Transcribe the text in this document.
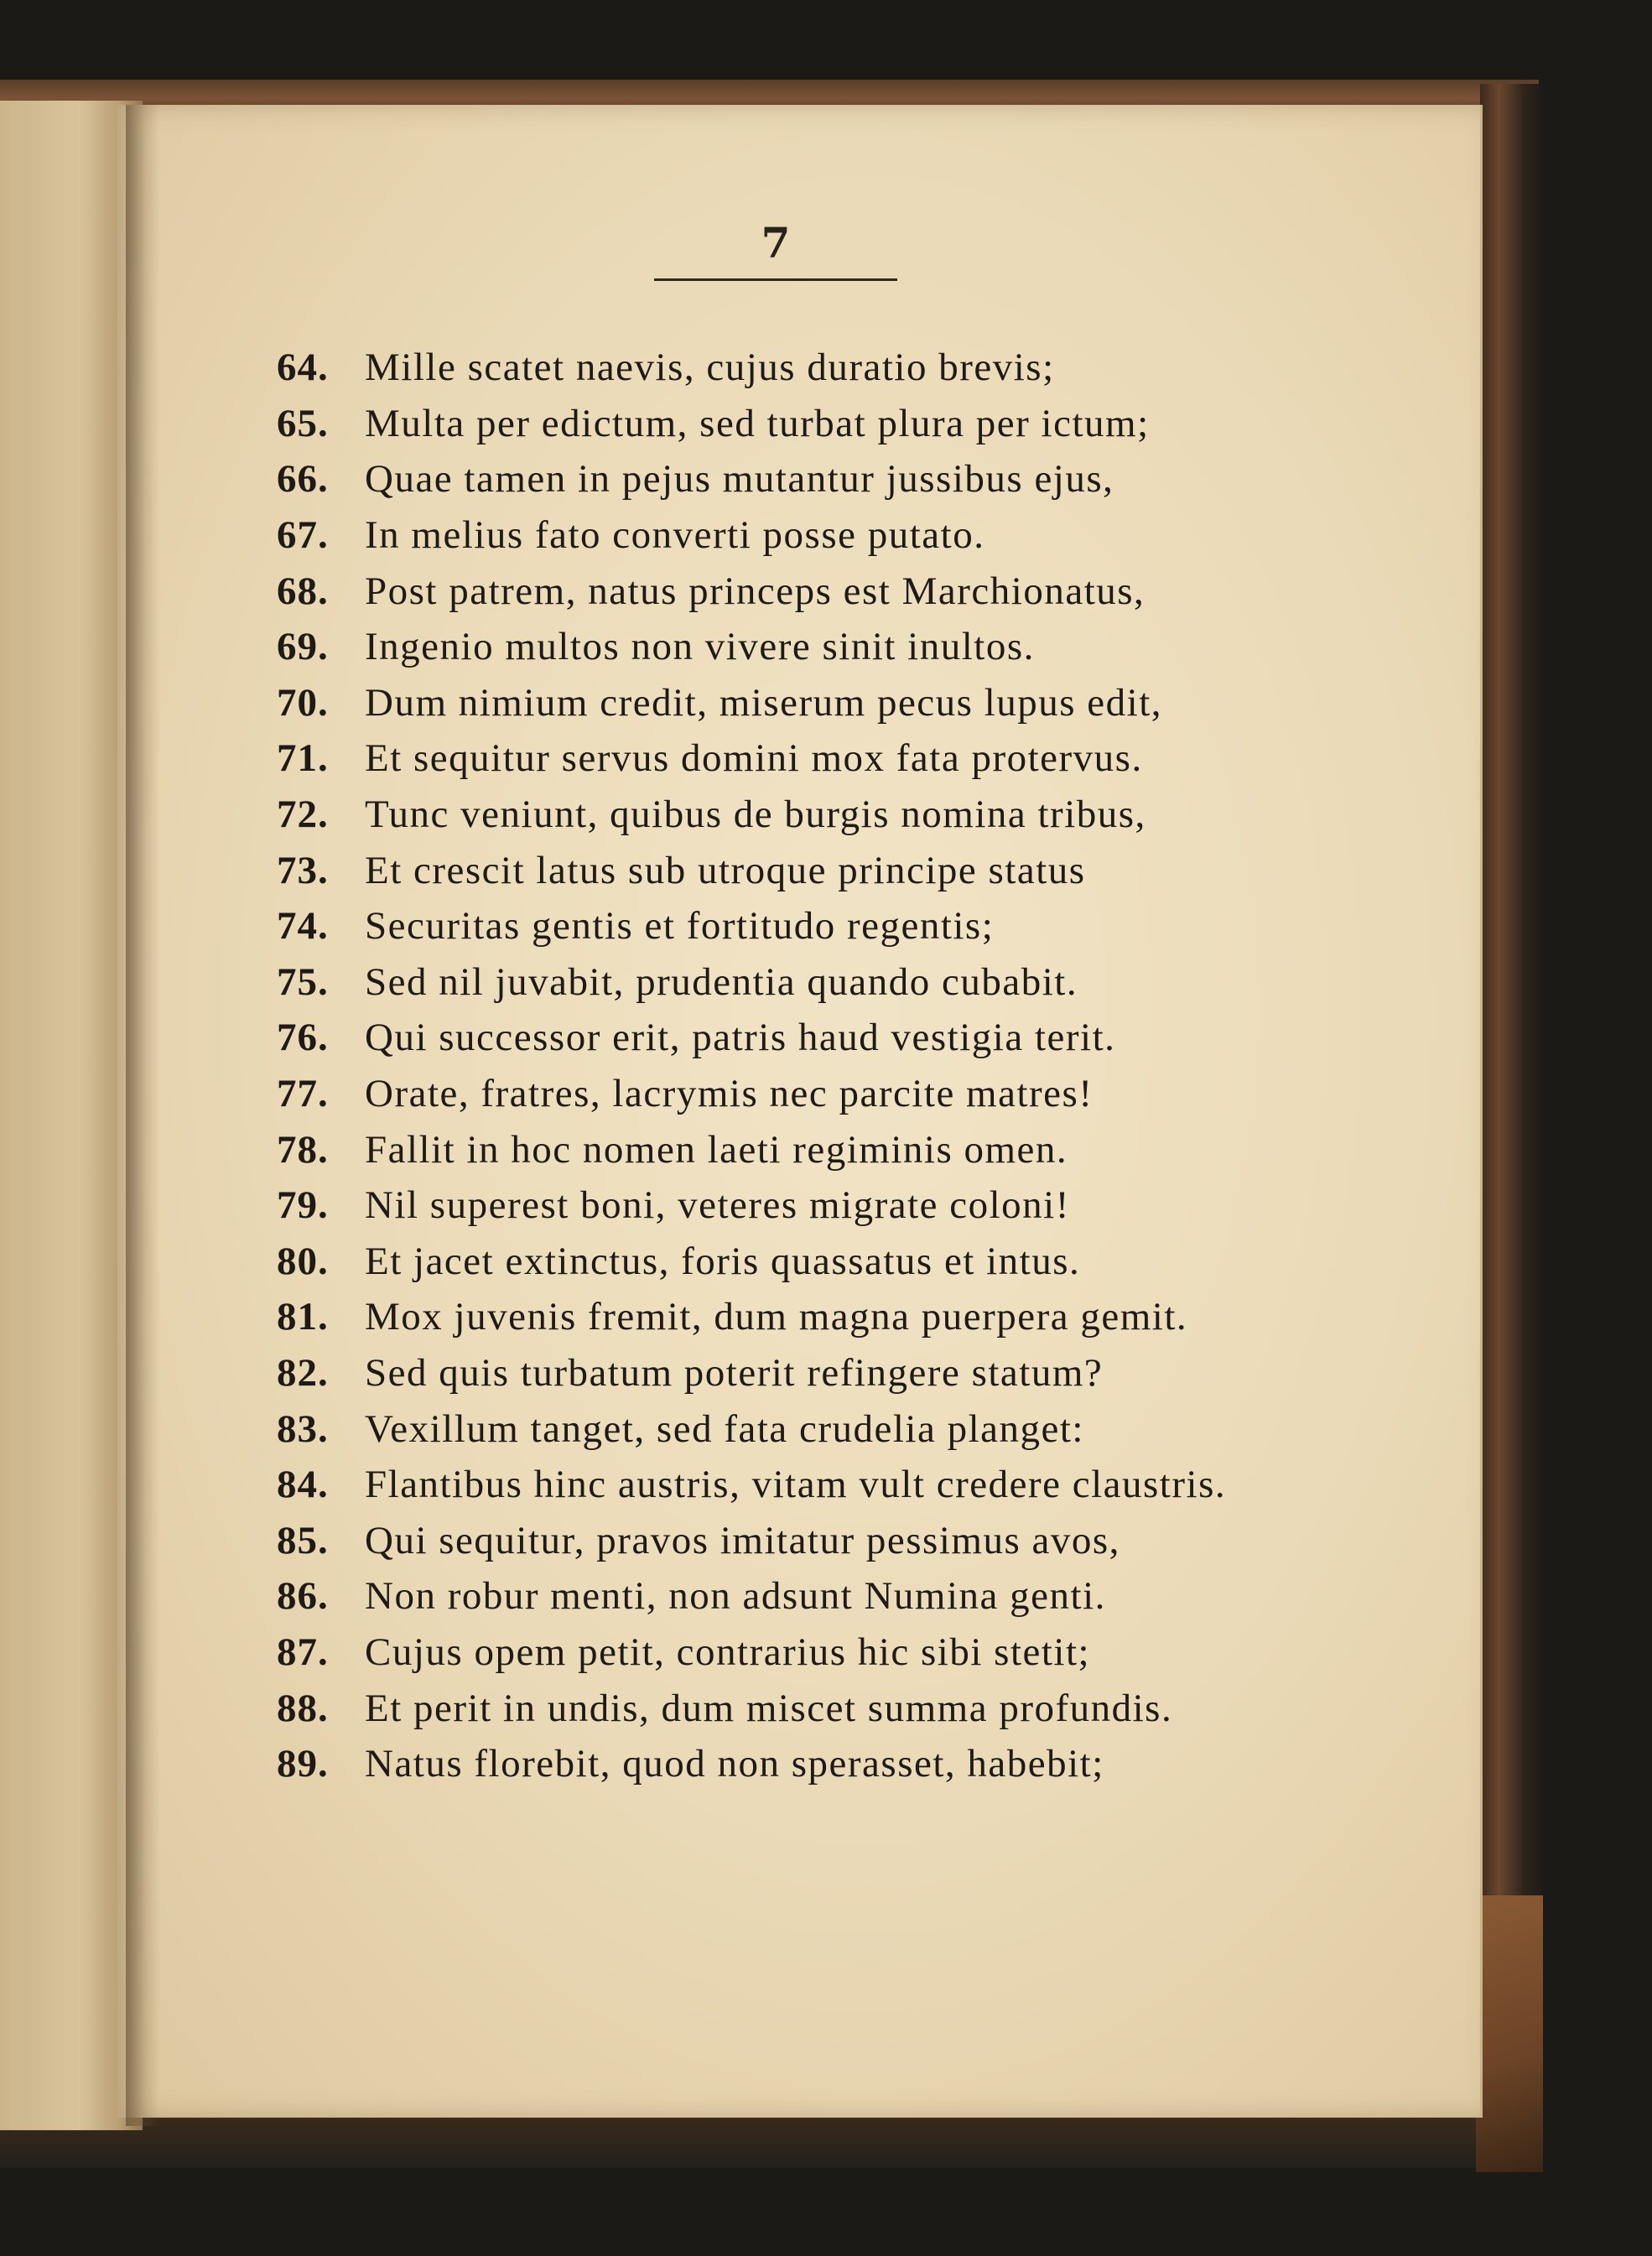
7
64. Mille scatet naevis, cujus duratio brevis;
65. Multa per edictum, sed turbat plura per ictum;
66. Quae tamen in pejus mutantur jussibus ejus,
67. In melius fato converti posse putato.
68. Post patrem, natus princeps est Marchionatus,
69. Ingenio multos non vivere sinit inultos.
70. Dum nimium credit, miserum pecus lupus edit,
71. Et sequitur servus domini mox fata protervus.
72. Tunc veniunt, quibus de burgis nomina tribus,
73. Et crescit latus sub utroque principe status
74. Securitas gentis et fortitudo regentis;
75. Sed nil juvabit, prudentia quando cubabit.
76. Qui successor erit, patris haud vestigia terit.
77. Orate, fratres, lacrymis nec parcite matres!
78. Fallit in hoc nomen laeti regiminis omen.
79. Nil superest boni, veteres migrate coloni!
80. Et jacet extinctus, foris quassatus et intus.
81. Mox juvenis fremit, dum magna puerpera gemit.
82. Sed quis turbatum poterit refingere statum?
83. Vexillum tanget, sed fata crudelia planget:
84. Flantibus hinc austris, vitam vult credere claustris.
85. Qui sequitur, pravos imitatur pessimus avos,
86. Non robur menti, non adsunt Numina genti.
87. Cujus opem petit, contrarius hic sibi stetit;
88. Et perit in undis, dum miscet summa profundis.
89. Natus florebit, quod non sperasset, habebit;
